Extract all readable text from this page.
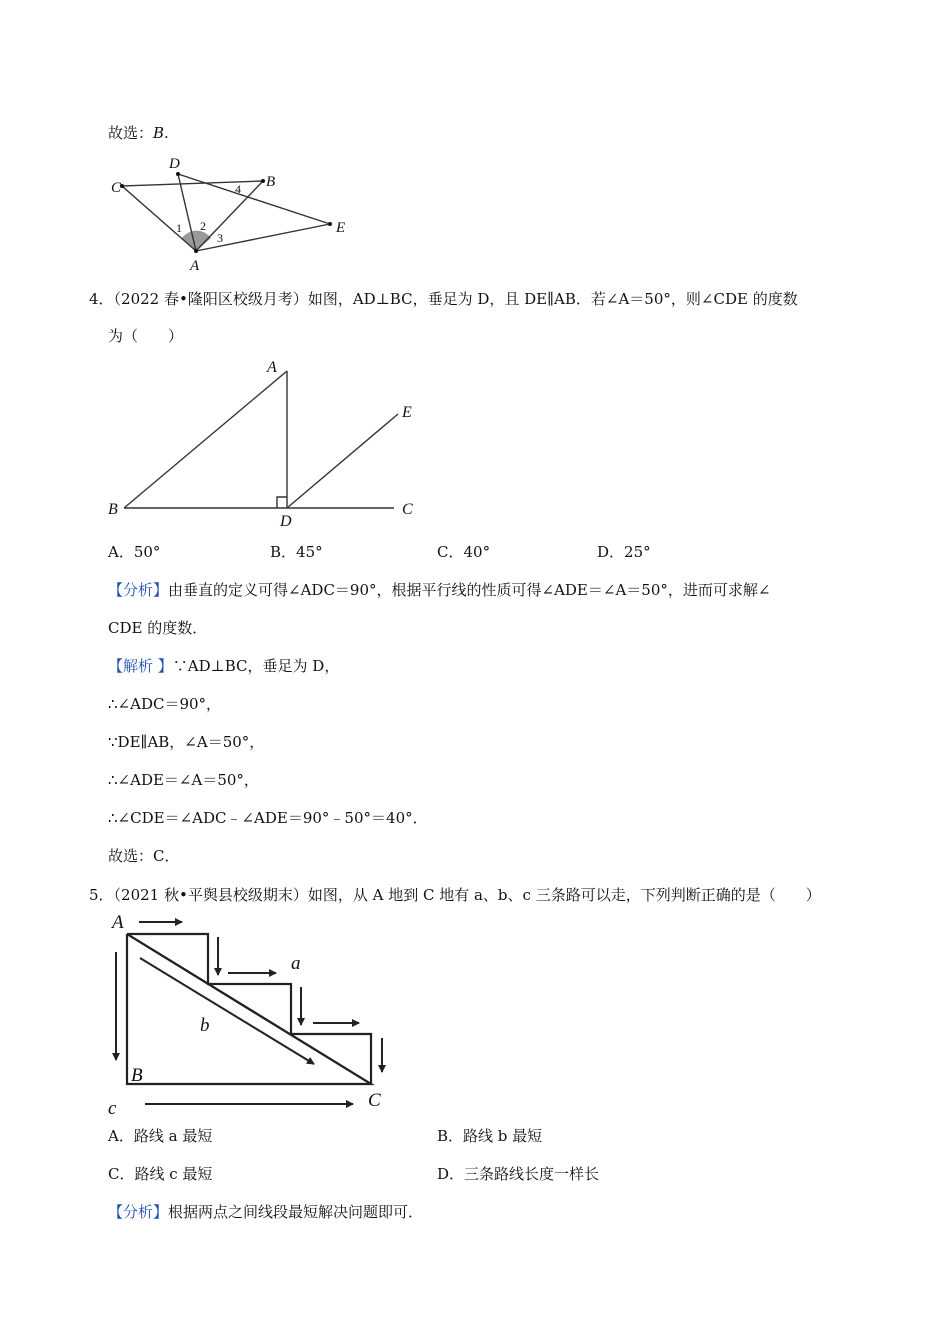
故选：B.
C
D
B
E
A
1 2
3
4
4．（2022 春•隆阳区校级月考）如图，AD⊥BC，垂足为 D，且 DE∥AB．若∠A＝50°，则∠CDE 的度数
为（　　）
A
B	C
D
E
A．50°	B．45°	C．40°	D．25°
【分析】由垂直的定义可得∠ADC＝90°，根据平行线的性质可得∠ADE＝∠A＝50°，进而可求解∠
CDE 的度数．
【解析 】∵AD⊥BC，垂足为 D，
∴∠ADC＝90°，
∵DE∥AB，∠A＝50°，
∴∠ADE＝∠A＝50°，
∴∠CDE＝∠ADC﹣∠ADE＝90°﹣50°＝40°．
故选：C．
5．（2021 秋•平舆县校级期末）如图，从 A 地到 C 地有 a、b、c 三条路可以走，下列判断正确的是（　　）
A
B
C
a
b
c
A．路线 a 最短	B．路线 b 最短
C．路线 c 最短	D．三条路线长度一样长
【分析】根据两点之间线段最短解决问题即可．
